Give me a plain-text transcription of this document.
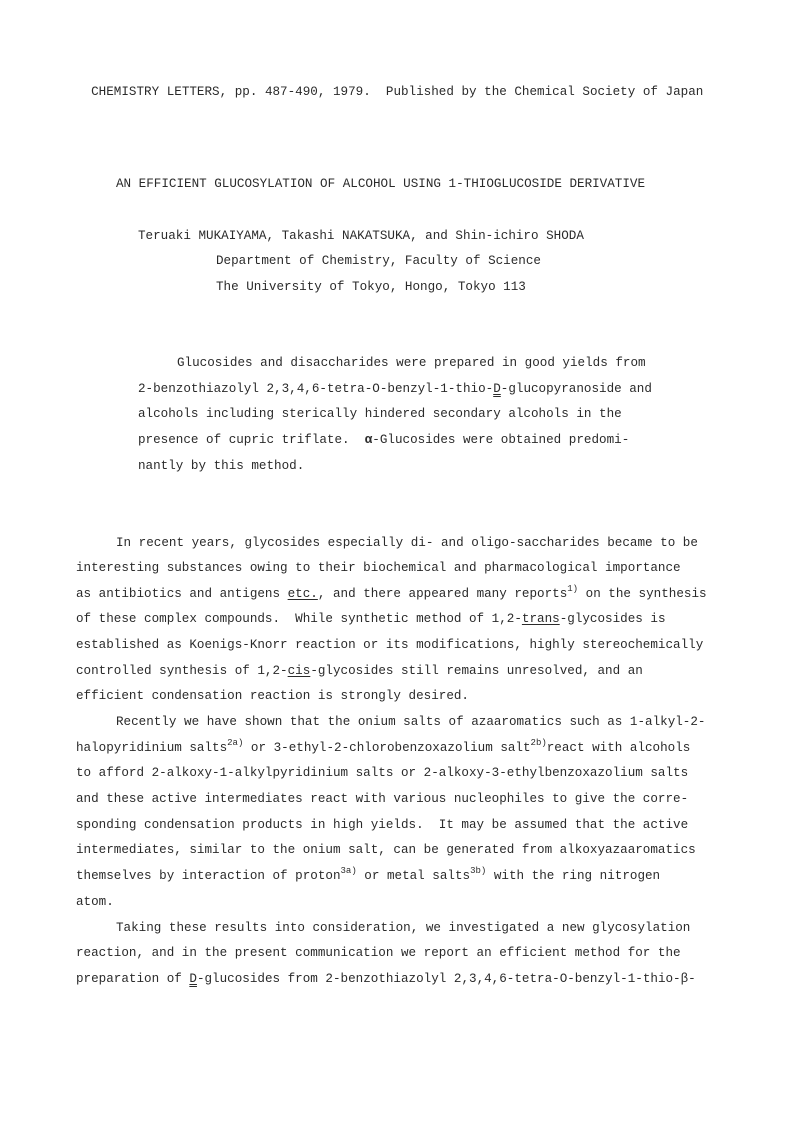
CHEMISTRY LETTERS, pp. 487-490, 1979. Published by the Chemical Society of Japan

AN EFFICIENT GLUCOSYLATION OF ALCOHOL USING 1-THIOGLUCOSIDE DERIVATIVE
Teruaki MUKAIYAMA, Takashi NAKATSUKA, and Shin-ichiro SHODA
Department of Chemistry, Faculty of Science
The University of Tokyo, Hongo, Tokyo 113
Glucosides and disaccharides were prepared in good yields from
2-benzothiazolyl 2,3,4,6-tetra-O-benzyl-1-thio-D-glucopyranoside and
alcohols including sterically hindered secondary alcohols in the
presence of cupric triflate.  α-Glucosides were obtained predomi-
nantly by this method.
In recent years, glycosides especially di- and oligo-saccharides became to be
interesting substances owing to their biochemical and pharmacological importance
as antibiotics and antigens etc., and there appeared many reports$^{1)}$ on the synthesis
of these complex compounds.  While synthetic method of 1,2-trans-glycosides is
established as Koenigs-Knorr reaction or its modifications, highly stereochemically
controlled synthesis of 1,2-cis-glycosides still remains unresolved, and an
efficient condensation reaction is strongly desired.
Recently we have shown that the onium salts of azaaromatics such as 1-alkyl-2-
halopyridinium salts$^{2a)}$ or 3-ethyl-2-chlorobenzoxazolium salt$^{2b)}$react with alcohols
to afford 2-alkoxy-1-alkylpyridinium salts or 2-alkoxy-3-ethylbenzoxazolium salts
and these active intermediates react with various nucleophiles to give the corre-
sponding condensation products in high yields.  It may be assumed that the active
intermediates, similar to the onium salt, can be generated from alkoxyazaaromatics
themselves by interaction of proton$^{3a)}$ or metal salts$^{3b)}$ with the ring nitrogen
atom.
Taking these results into consideration, we investigated a new glycosylation
reaction, and in the present communication we report an efficient method for the
preparation of D-glucosides from 2-benzothiazolyl 2,3,4,6-tetra-O-benzyl-1-thio-β-
